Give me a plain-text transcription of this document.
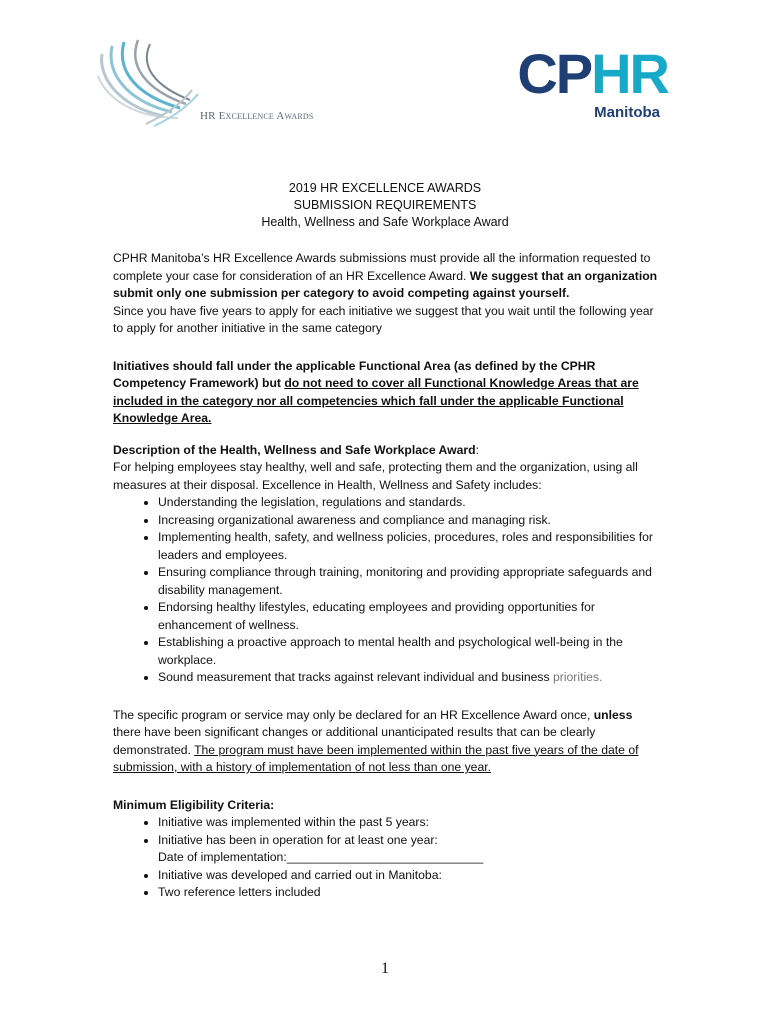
HR Excellence Awards
CPHR
Manitoba
2019 HR EXCELLENCE AWARDS
SUBMISSION REQUIREMENTS
Health, Wellness and Safe Workplace Award

CPHR Manitoba’s HR Excellence Awards submissions must provide all the information requested to complete your case for consideration of an HR Excellence Award. We suggest that an organization submit only one submission per category to avoid competing against yourself.

Since you have five years to apply for each initiative we suggest that you wait until the following year to apply for another initiative in the same category

Initiatives should fall under the applicable Functional Area (as defined by the CPHR Competency Framework) but do not need to cover all Functional Knowledge Areas that are included in the category nor all competencies which fall under the applicable Functional Knowledge Area.

Description of the Health, Wellness and Safe Workplace Award:

For helping employees stay healthy, well and safe, protecting them and the organization, using all measures at their disposal. Excellence in Health, Wellness and Safety includes:

• Understanding the legislation, regulations and standards.
• Increasing organizational awareness and compliance and managing risk.
• Implementing health, safety, and wellness policies, procedures, roles and responsibilities for leaders and employees.
• Ensuring compliance through training, monitoring and providing appropriate safeguards and disability management.
• Endorsing healthy lifestyles, educating employees and providing opportunities for enhancement of wellness.
• Establishing a proactive approach to mental health and psychological well-being in the workplace.
• Sound measurement that tracks against relevant individual and business priorities.

The specific program or service may only be declared for an HR Excellence Award once, unless there have been significant changes or additional unanticipated results that can be clearly demonstrated. The program must have been implemented within the past five years of the date of submission, with a history of implementation of not less than one year.

Minimum Eligibility Criteria:

• Initiative was implemented within the past 5 years:
• Initiative has been in operation for at least one year:
Date of implementation:_____________________________
• Initiative was developed and carried out in Manitoba:
• Two reference letters included
1
